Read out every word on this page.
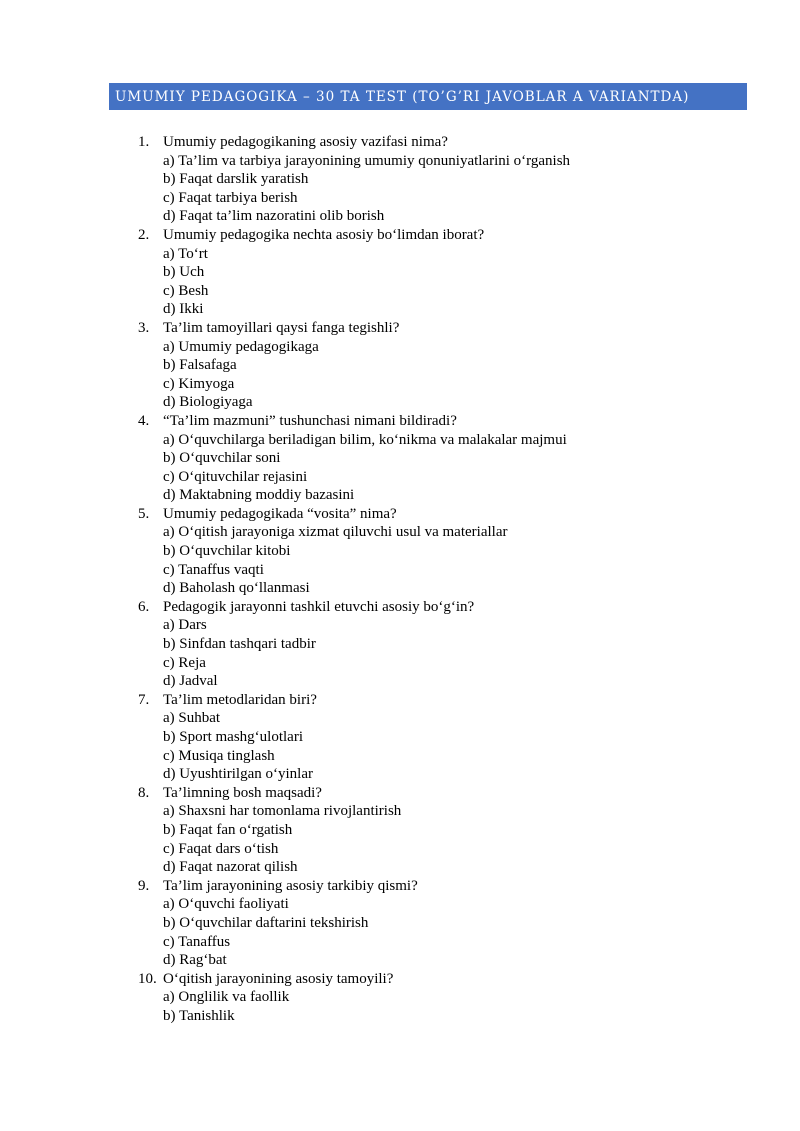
UMUMIY PEDAGOGIKA – 30 TA TEST (TO’G’RI JAVOBLAR A VARIANTDA)
1. Umumiy pedagogikaning asosiy vazifasi nima?
a) Ta’lim va tarbiya jarayonining umumiy qonuniyatlarini o‘rganish
b) Faqat darslik yaratish
c) Faqat tarbiya berish
d) Faqat ta’lim nazoratini olib borish
2. Umumiy pedagogika nechta asosiy bo‘limdan iborat?
a) To‘rt
b) Uch
c) Besh
d) Ikki
3. Ta’lim tamoyillari qaysi fanga tegishli?
a) Umumiy pedagogikaga
b) Falsafaga
c) Kimyoga
d) Biologiyaga
4. “Ta’lim mazmuni” tushunchasi nimani bildiradi?
a) O‘quvchilarga beriladigan bilim, ko‘nikma va malakalar majmui
b) O‘quvchilar soni
c) O‘qituvchilar rejasini
d) Maktabning moddiy bazasini
5. Umumiy pedagogikada “vosita” nima?
a) O‘qitish jarayoniga xizmat qiluvchi usul va materiallar
b) O‘quvchilar kitobi
c) Tanaffus vaqti
d) Baholash qo‘llanmasi
6. Pedagogik jarayonni tashkil etuvchi asosiy bo‘g‘in?
a) Dars
b) Sinfdan tashqari tadbir
c) Reja
d) Jadval
7. Ta’lim metodlaridan biri?
a) Suhbat
b) Sport mashg‘ulotlari
c) Musiqa tinglash
d) Uyushtirilgan o‘yinlar
8. Ta’limning bosh maqsadi?
a) Shaxsni har tomonlama rivojlantirish
b) Faqat fan o‘rgatish
c) Faqat dars o‘tish
d) Faqat nazorat qilish
9. Ta’lim jarayonining asosiy tarkibiy qismi?
a) O‘quvchi faoliyati
b) O‘quvchilar daftarini tekshirish
c) Tanaffus
d) Rag‘bat
10. O‘qitish jarayonining asosiy tamoyili?
a) Onglilik va faollik
b) Tanishlik
